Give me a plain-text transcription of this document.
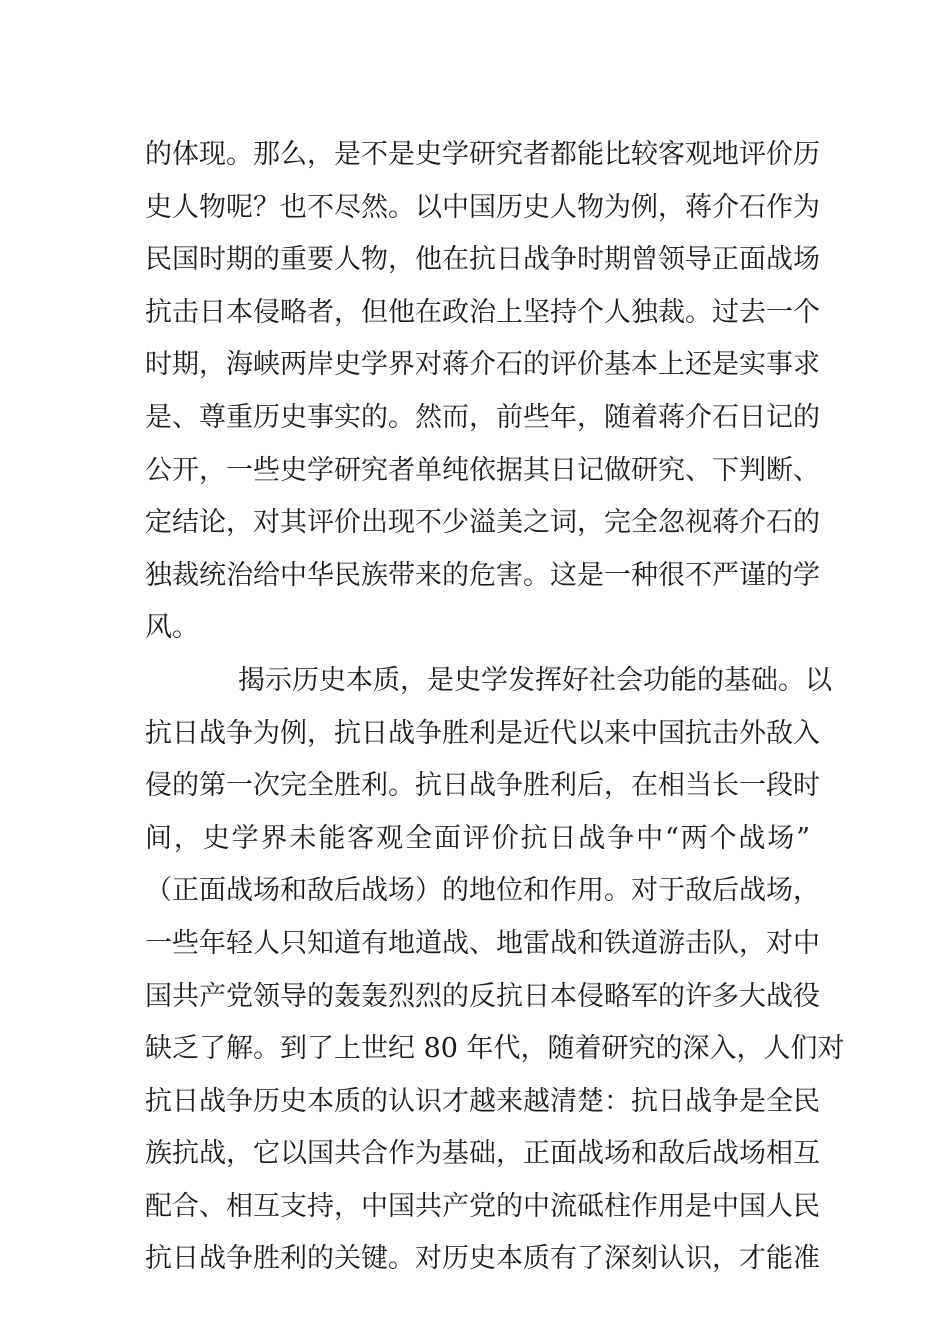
的体现。那么，是不是史学研究者都能比较客观地评价历
史人物呢？也不尽然。以中国历史人物为例，蒋介石作为
民国时期的重要人物，他在抗日战争时期曾领导正面战场
抗击日本侵略者，但他在政治上坚持个人独裁。过去一个
时期，海峡两岸史学界对蒋介石的评价基本上还是实事求
是、尊重历史事实的。然而，前些年，随着蒋介石日记的
公开，一些史学研究者单纯依据其日记做研究、下判断、
定结论，对其评价出现不少溢美之词，完全忽视蒋介石的
独裁统治给中华民族带来的危害。这是一种很不严谨的学
风。
揭示历史本质，是史学发挥好社会功能的基础。以
抗日战争为例，抗日战争胜利是近代以来中国抗击外敌入
侵的第一次完全胜利。抗日战争胜利后，在相当长一段时
间，史学界未能客观全面评价抗日战争中“两个战场”
（正面战场和敌后战场）的地位和作用。对于敌后战场，
一些年轻人只知道有地道战、地雷战和铁道游击队，对中
国共产党领导的轰轰烈烈的反抗日本侵略军的许多大战役
缺乏了解。到了上世纪 80 年代，随着研究的深入，人们对
抗日战争历史本质的认识才越来越清楚：抗日战争是全民
族抗战，它以国共合作为基础，正面战场和敌后战场相互
配合、相互支持，中国共产党的中流砥柱作用是中国人民
抗日战争胜利的关键。对历史本质有了深刻认识，才能准
